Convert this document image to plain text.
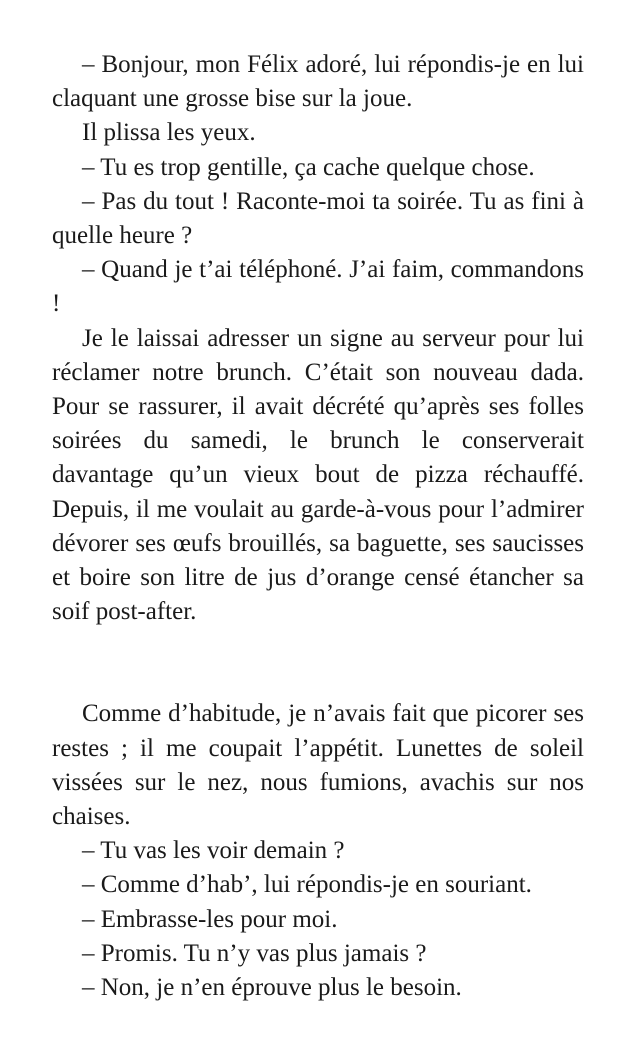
– Bonjour, mon Félix adoré, lui répondis-je en lui claquant une grosse bise sur la joue.

Il plissa les yeux.

– Tu es trop gentille, ça cache quelque chose.

– Pas du tout ! Raconte-moi ta soirée. Tu as fini à quelle heure ?

– Quand je t’ai téléphoné. J’ai faim, commandons !

Je le laissai adresser un signe au serveur pour lui réclamer notre brunch. C’était son nouveau dada. Pour se rassurer, il avait décrété qu’après ses folles soirées du samedi, le brunch le conserverait davantage qu’un vieux bout de pizza réchauffé. Depuis, il me voulait au garde-à-vous pour l’admirer dévorer ses œufs brouillés, sa baguette, ses saucisses et boire son litre de jus d’orange censé étancher sa soif post-after.

Comme d’habitude, je n’avais fait que picorer ses restes ; il me coupait l’appétit. Lunettes de soleil vissées sur le nez, nous fumions, avachis sur nos chaises.

– Tu vas les voir demain ?

– Comme d’hab’, lui répondis-je en souriant.

– Embrasse-les pour moi.

– Promis. Tu n’y vas plus jamais ?

– Non, je n’en éprouve plus le besoin.
